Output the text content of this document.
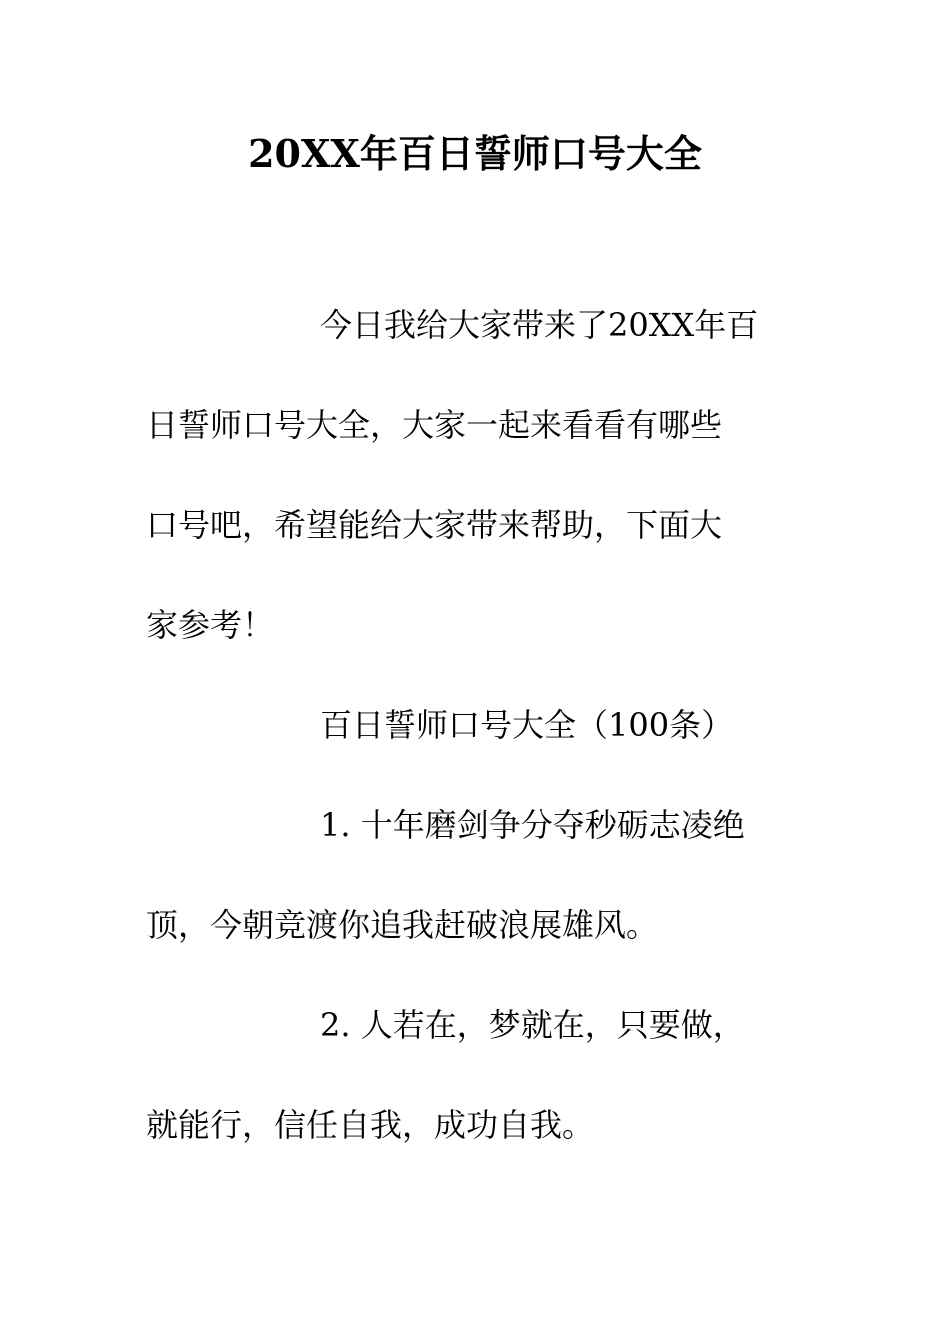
20XX年百日誓师口号大全
今日我给大家带来了20XX年百
日誓师口号大全，大家一起来看看有哪些
口号吧，希望能给大家带来帮助，下面大
家参考！
百日誓师口号大全（100条）
1. 十年磨剑争分夺秒砺志凌绝
顶，今朝竞渡你追我赶破浪展雄风。
2. 人若在，梦就在，只要做，
就能行，信任自我，成功自我。
